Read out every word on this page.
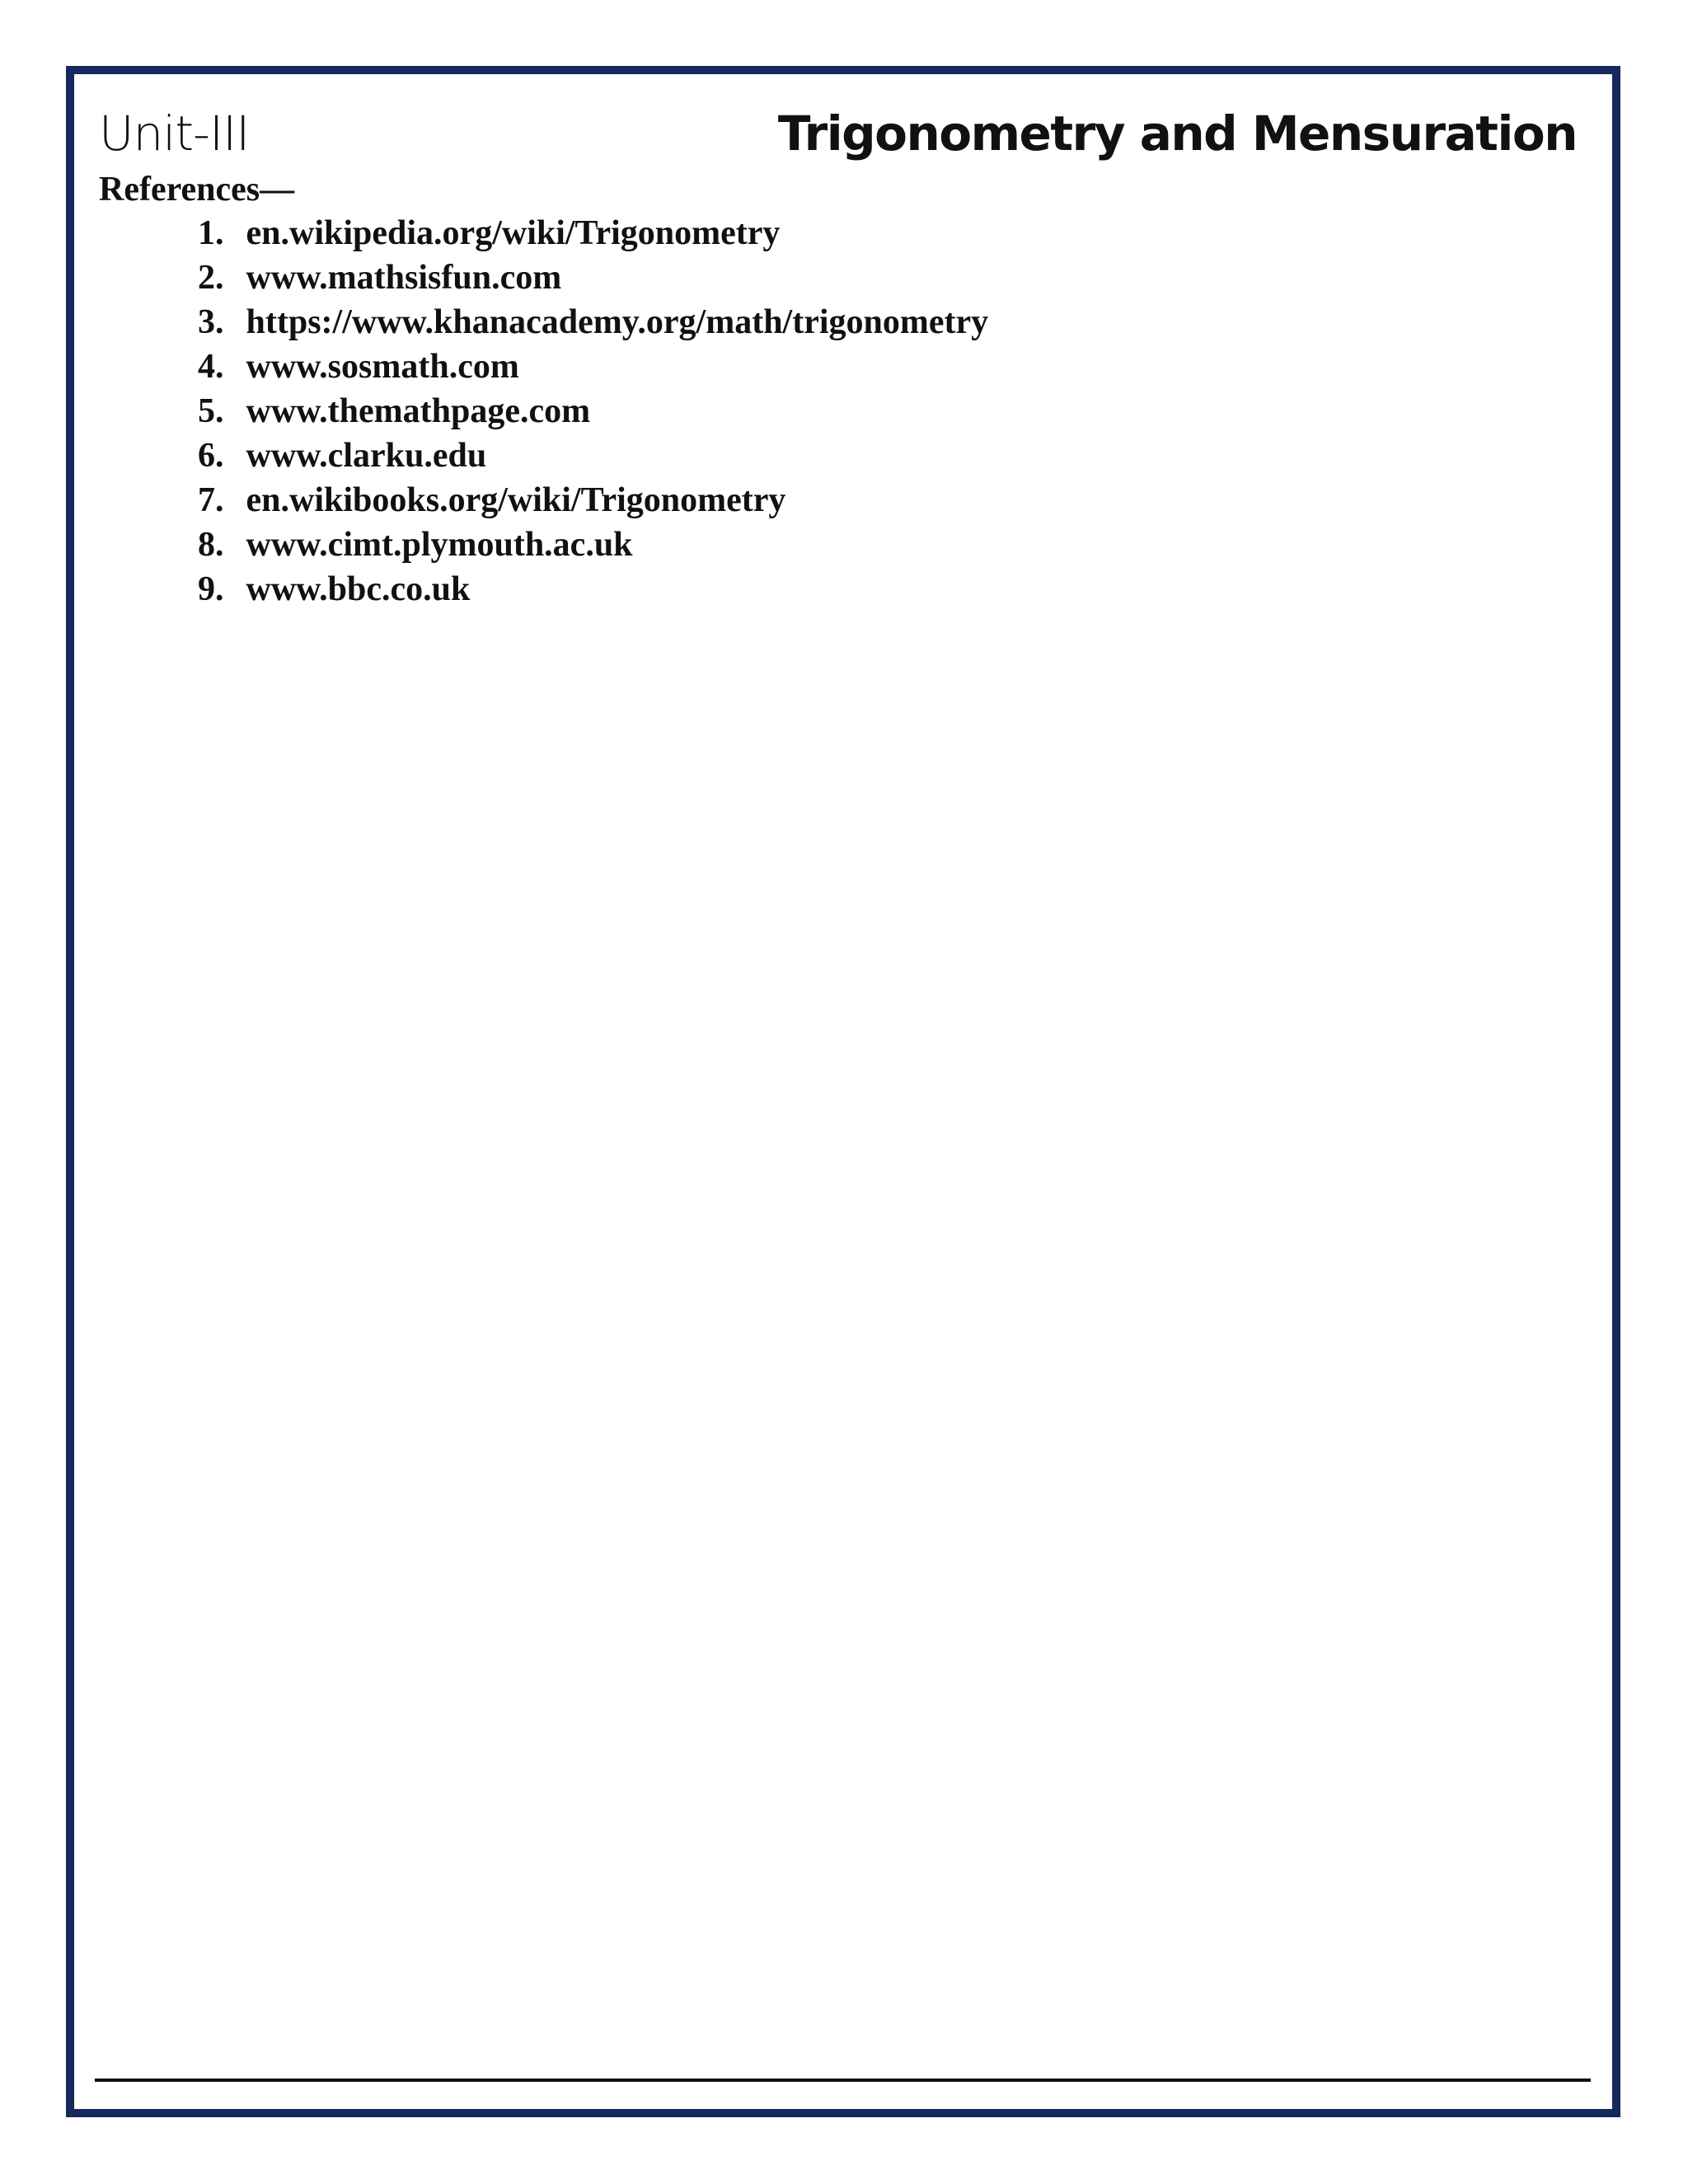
Unit-III	Trigonometry and Mensuration
References—
1. en.wikipedia.org/wiki/Trigonometry
2. www.mathsisfun.com
3. https://www.khanacademy.org/math/trigonometry
4. www.sosmath.com
5. www.themathpage.com
6. www.clarku.edu
7. en.wikibooks.org/wiki/Trigonometry
8. www.cimt.plymouth.ac.uk
9. www.bbc.co.uk
